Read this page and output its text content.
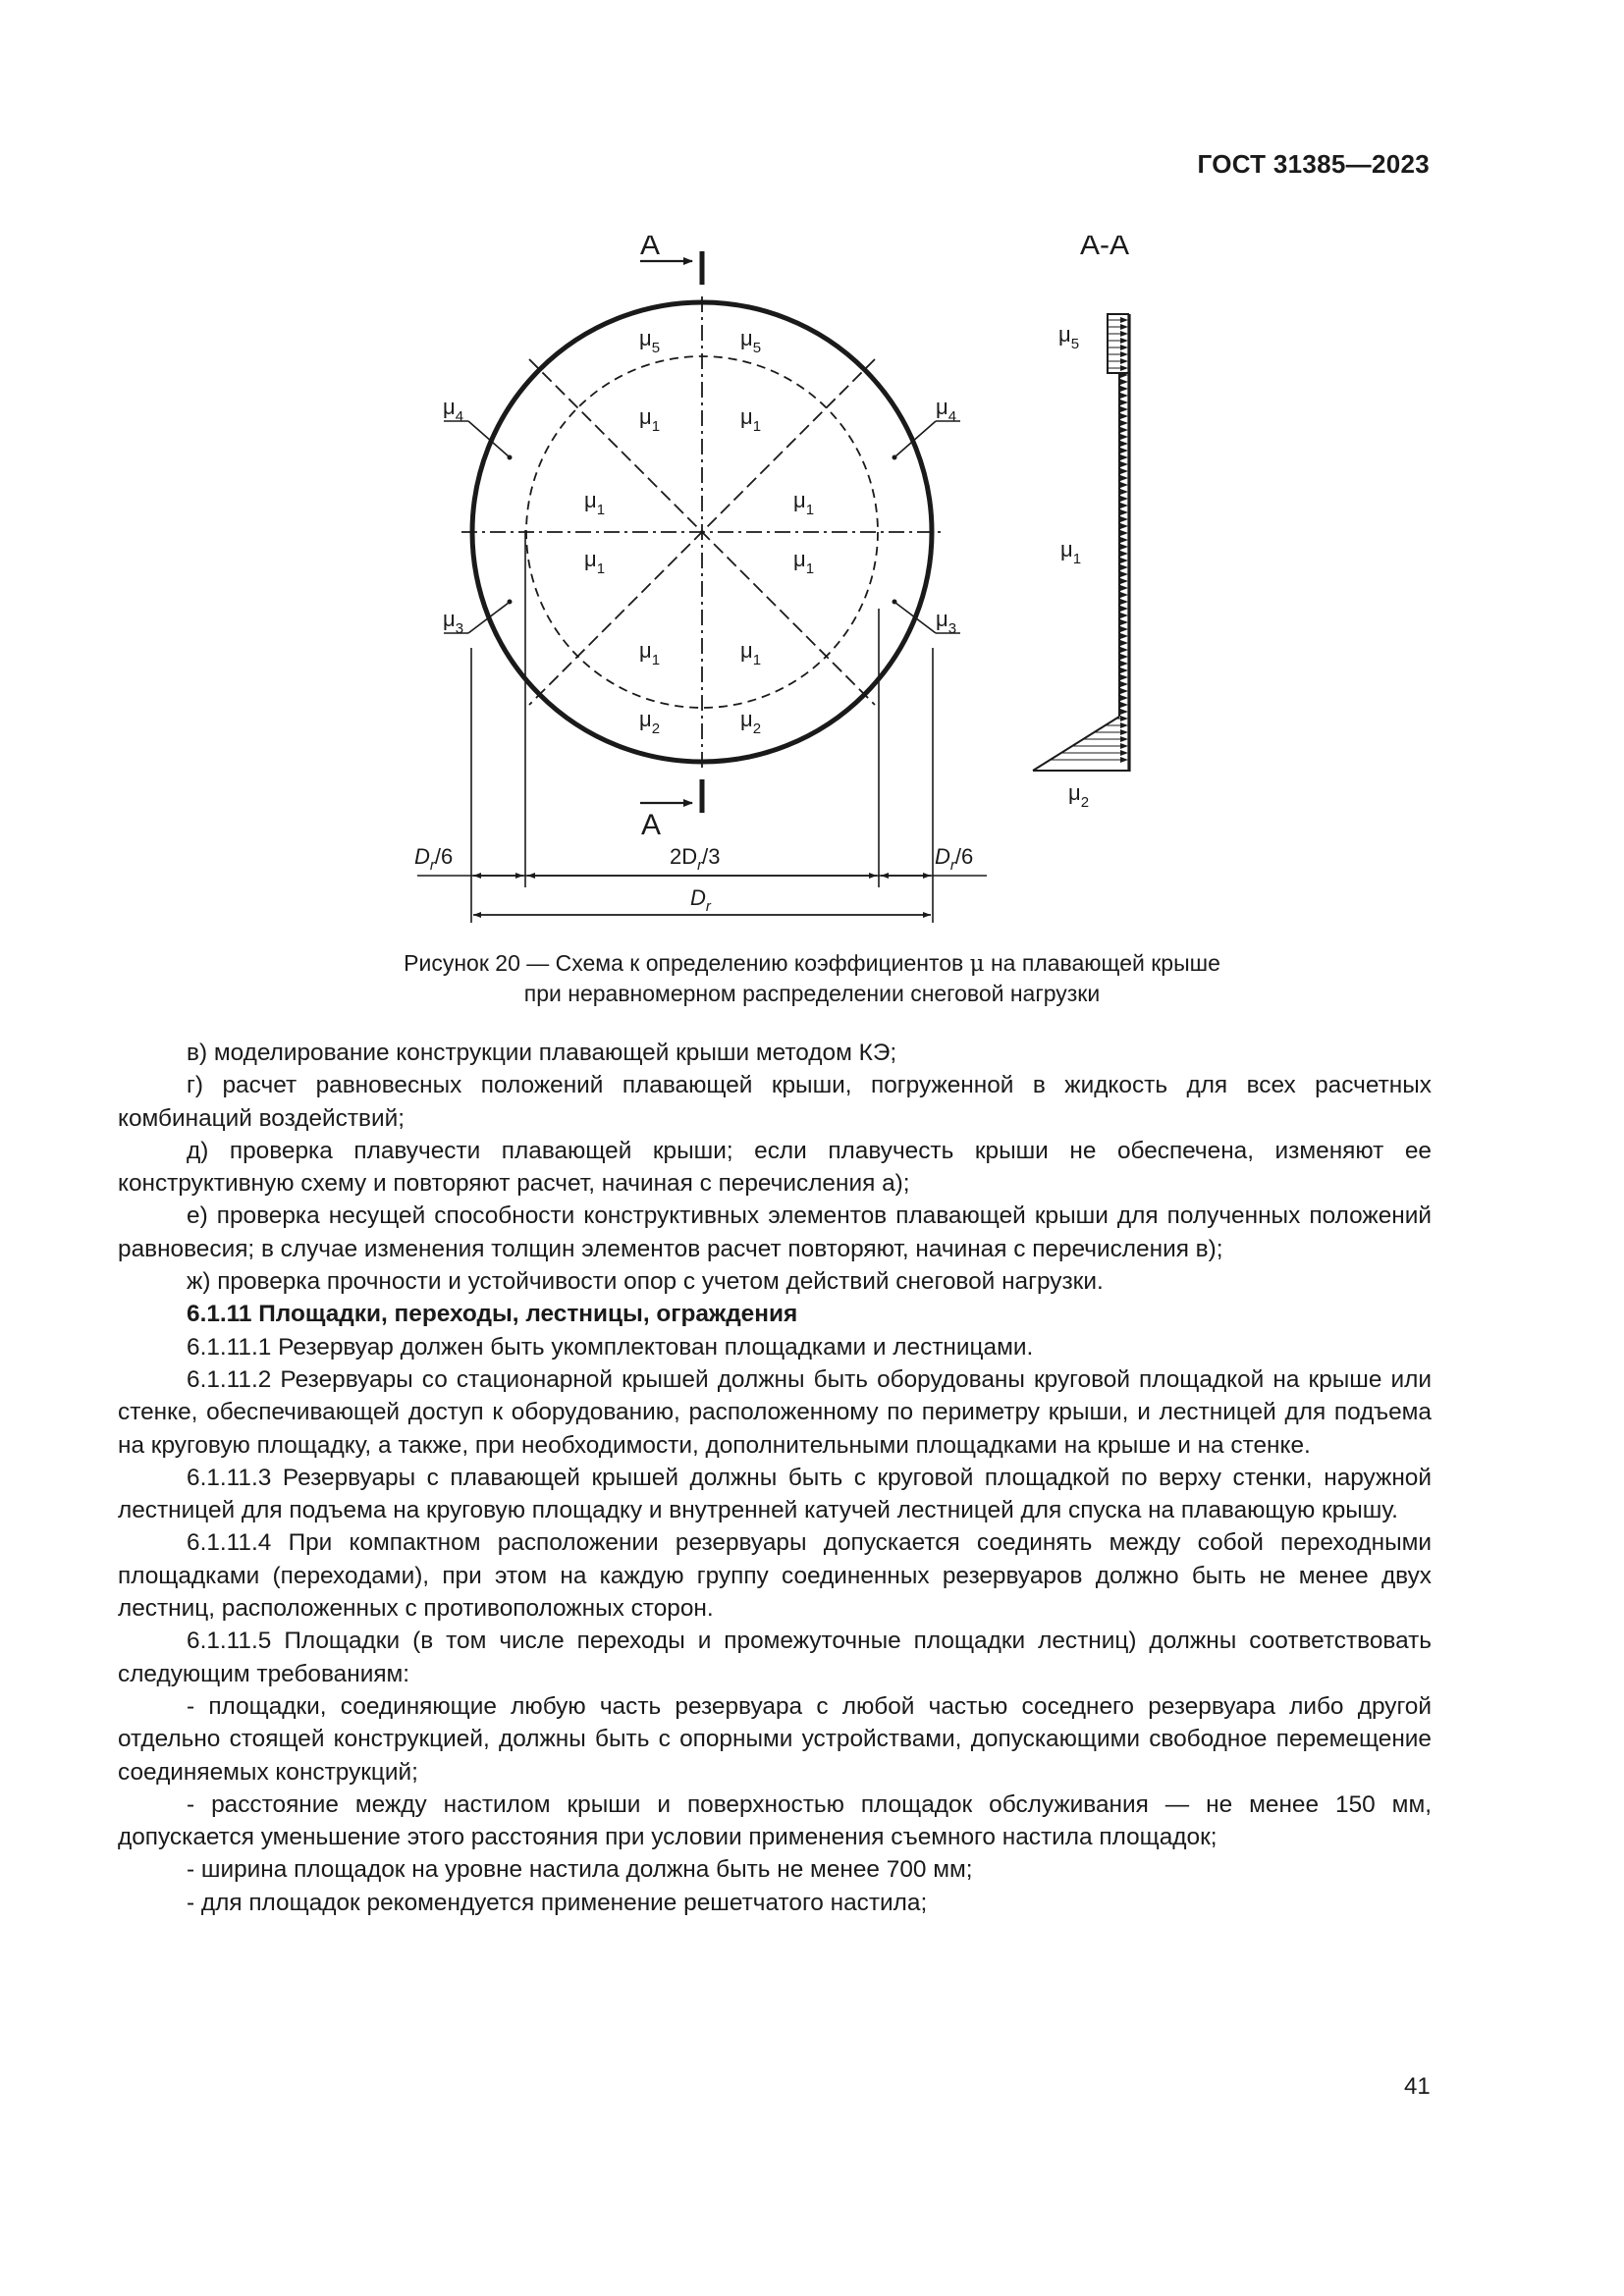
ГОСТ 31385—2023
А
А
$\mu_5$	$\mu_5$
$\mu_1$	$\mu_1$
$\mu_1$	$\mu_1$
$\mu_1$	$\mu_1$
$\mu_1$	$\mu_1$
$\mu_2$	$\mu_2$
$\mu_4$	$\mu_4$
$\mu_3$	$\mu_3$
$D_r/6$	$2D_r/3$	$D_r/6$
$D_r$
А-А
$\mu_5$
$\mu_1$
$\mu_2$
Рисунок 20 — Схема к определению коэффициентов μ на плавающей крыше
при неравномерном распределении снеговой нагрузки

в) моделирование конструкции плавающей крыши методом КЭ;

г) расчет равновесных положений плавающей крыши, погруженной в жидкость для всех расчетных комбинаций воздействий;

д) проверка плавучести плавающей крыши; если плавучесть крыши не обеспечена, изменяют ее конструктивную схему и повторяют расчет, начиная с перечисления а);

е) проверка несущей способности конструктивных элементов плавающей крыши для полученных положений равновесия; в случае изменения толщин элементов расчет повторяют, начиная с перечисления в);

ж) проверка прочности и устойчивости опор с учетом действий снеговой нагрузки.

6.1.11 Площадки, переходы, лестницы, ограждения

6.1.11.1 Резервуар должен быть укомплектован площадками и лестницами.

6.1.11.2 Резервуары со стационарной крышей должны быть оборудованы круговой площадкой на крыше или стенке, обеспечивающей доступ к оборудованию, расположенному по периметру крыши, и лестницей для подъема на круговую площадку, а также, при необходимости, дополнительными площадками на крыше и на стенке.

6.1.11.3 Резервуары с плавающей крышей должны быть с круговой площадкой по верху стенки, наружной лестницей для подъема на круговую площадку и внутренней катучей лестницей для спуска на плавающую крышу.

6.1.11.4 При компактном расположении резервуары допускается соединять между собой переходными площадками (переходами), при этом на каждую группу соединенных резервуаров должно быть не менее двух лестниц, расположенных с противоположных сторон.

6.1.11.5 Площадки (в том числе переходы и промежуточные площадки лестниц) должны соответствовать следующим требованиям:

- площадки, соединяющие любую часть резервуара с любой частью соседнего резервуара либо другой отдельно стоящей конструкцией, должны быть с опорными устройствами, допускающими свободное перемещение соединяемых конструкций;

- расстояние между настилом крыши и поверхностью площадок обслуживания — не менее 150 мм, допускается уменьшение этого расстояния при условии применения съемного настила площадок;

- ширина площадок на уровне настила должна быть не менее 700 мм;

- для площадок рекомендуется применение решетчатого настила;

41
